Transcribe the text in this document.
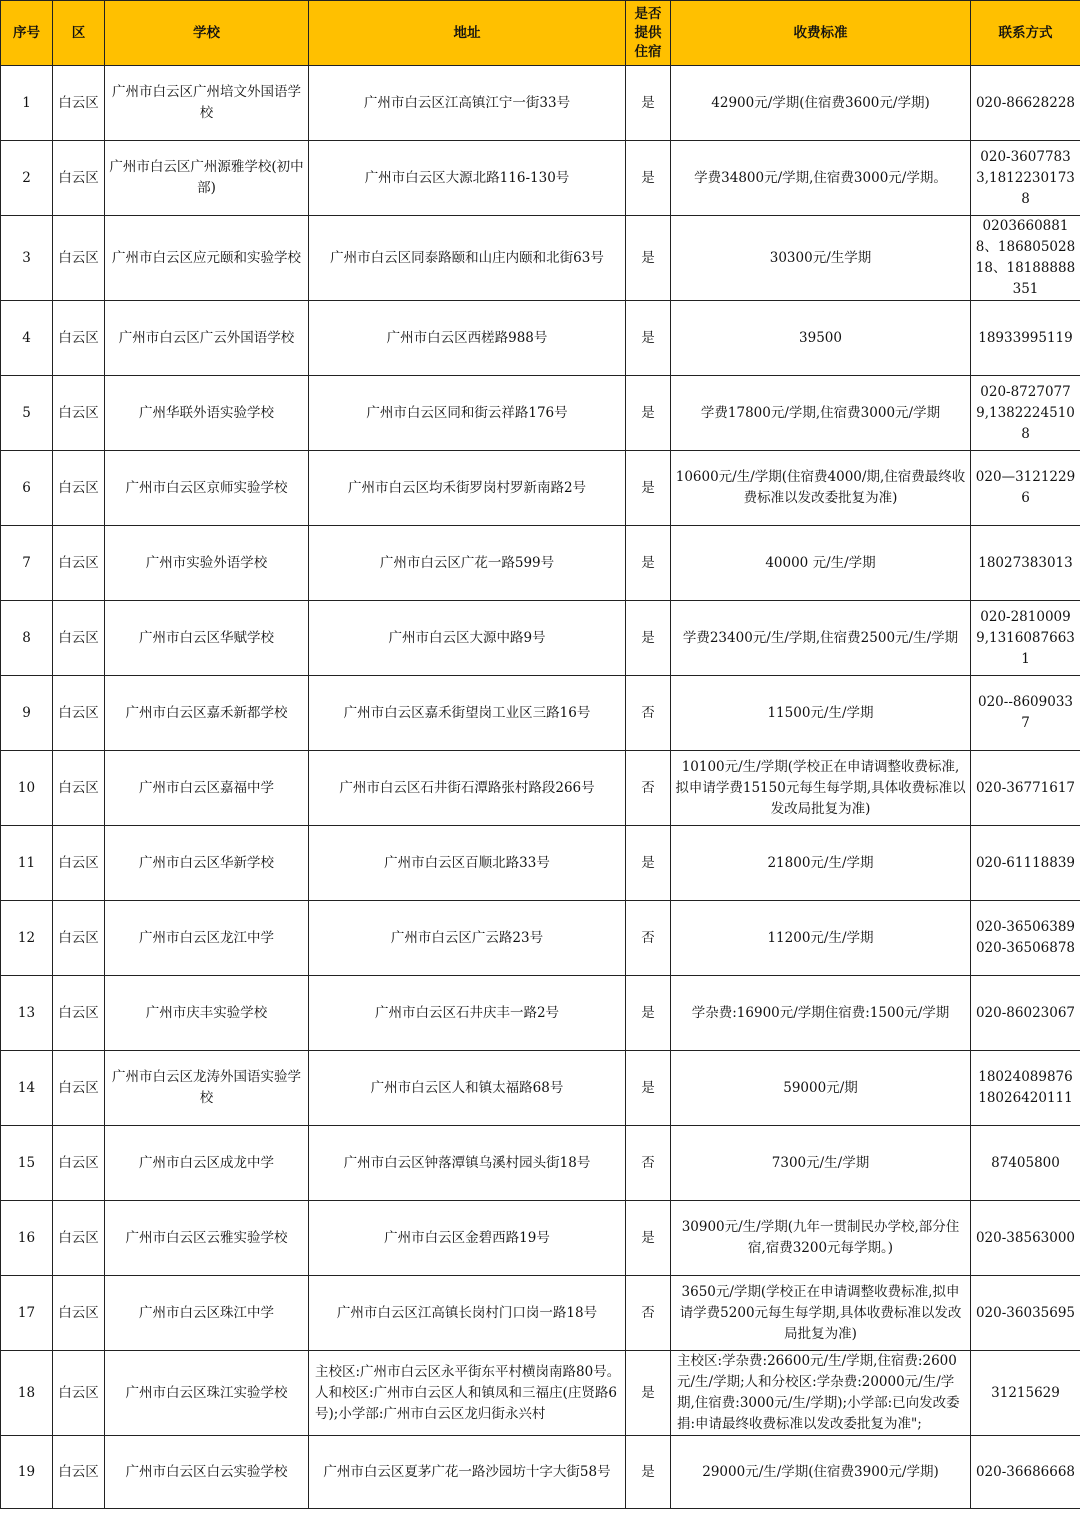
序号	区	学校	地址	是否提供住宿	收费标准	联系方式
1	白云区	广州市白云区广州培文外国语学校	广州市白云区江高镇江宁一街33号	是	42900元/学期(住宿费3600元/学期)	020-86628228
2	白云区	广州市白云区广州源雅学校(初中部)	广州市白云区大源北路116-130号	是	学费34800元/学期,住宿费3000元/学期。	020-36077833,18122301738
3	白云区	广州市白云区应元颐和实验学校	广州市白云区同泰路颐和山庄内颐和北街63号	是	30300元/生学期	02036608818、18680502818、18188888351
4	白云区	广州市白云区广云外国语学校	广州市白云区西槎路988号	是	39500	18933995119
5	白云区	广州华联外语实验学校	广州市白云区同和街云祥路176号	是	学费17800元/学期,住宿费3000元/学期	020-87270779,13822245108
6	白云区	广州市白云区京师实验学校	广州市白云区均禾街罗岗村罗新南路2号	是	10600元/生/学期(住宿费4000/期,住宿费最终收费标准以发改委批复为准)	020—31212296
7	白云区	广州市实验外语学校	广州市白云区广花一路599号	是	40000 元/生/学期	18027383013
8	白云区	广州市白云区华赋学校	广州市白云区大源中路9号	是	学费23400元/生/学期,住宿费2500元/生/学期	020-28100099,13160876631
9	白云区	广州市白云区嘉禾新都学校	广州市白云区嘉禾街望岗工业区三路16号	否	11500元/生/学期	020--86090337
10	白云区	广州市白云区嘉福中学	广州市白云区石井街石潭路张村路段266号	否	10100元/生/学期(学校正在申请调整收费标准,拟申请学费15150元每生每学期,具体收费标准以发改局批复为准)	020-36771617
11	白云区	广州市白云区华新学校	广州市白云区百顺北路33号	是	21800元/生/学期	020-61118839
12	白云区	广州市白云区龙江中学	广州市白云区广云路23号	否	11200元/生/学期	020-36506389020-36506878
13	白云区	广州市庆丰实验学校	广州市白云区石井庆丰一路2号	是	学杂费:16900元/学期住宿费:1500元/学期	020-86023067
14	白云区	广州市白云区龙涛外国语实验学校	广州市白云区人和镇太福路68号	是	59000元/期	18024089876 18026420111
15	白云区	广州市白云区成龙中学	广州市白云区钟落潭镇乌溪村园头街18号	否	7300元/生/学期	87405800
16	白云区	广州市白云区云雅实验学校	广州市白云区金碧西路19号	是	30900元/生/学期(九年一贯制民办学校,部分住宿,宿费3200元每学期。)	020-38563000
17	白云区	广州市白云区珠江中学	广州市白云区江高镇长岗村门口岗一路18号	否	3650元/学期(学校正在申请调整收费标准,拟申请学费5200元每生每学期,具体收费标准以发改局批复为准)	020-36035695
18	白云区	广州市白云区珠江实验学校	主校区:广州市白云区永平街东平村横岗南路80号。人和校区:广州市白云区人和镇凤和三福庄(庄贤路6号);小学部:广州市白云区龙归街永兴村	是	主校区:学杂费:26600元/生/学期,住宿费:2600元/生/学期;人和分校区:学杂费:20000元/生/学期,住宿费:3000元/生/学期);小学部:已向发改委捐:申请最终收费标准以发改委批复为准";	31215629
19	白云区	广州市白云区白云实验学校	广州市白云区夏茅广花一路沙园坊十字大街58号	是	29000元/生/学期(住宿费3900元/学期)	020-36686668
